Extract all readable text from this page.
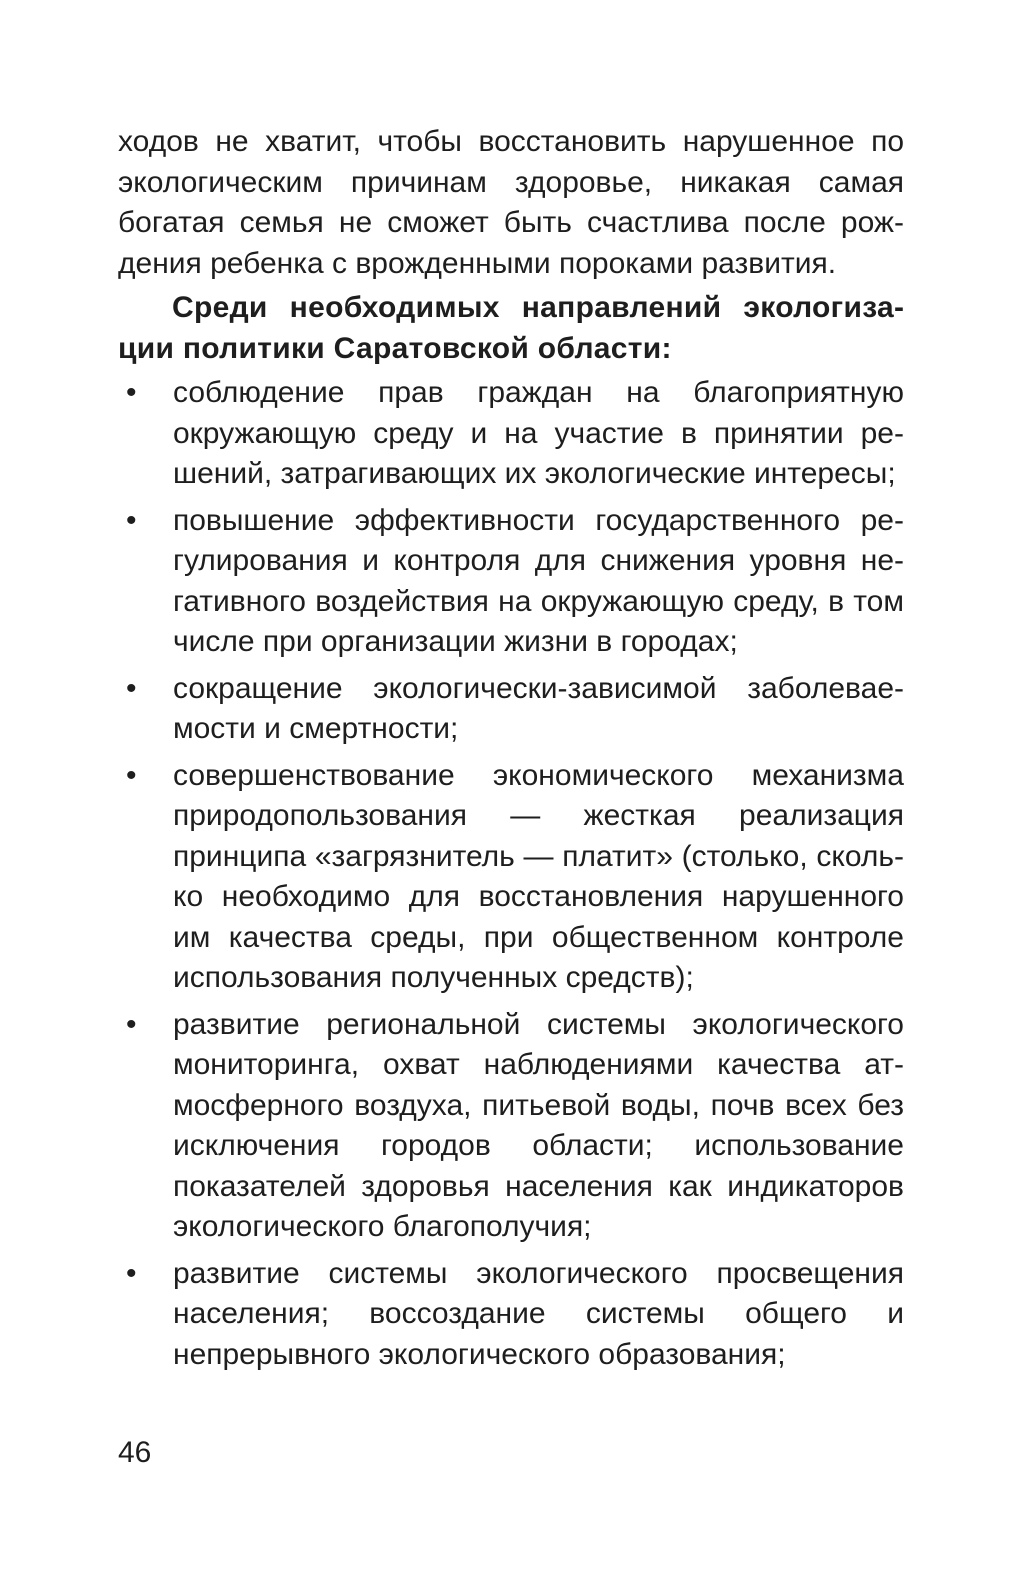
ходов не хватит, чтобы восстановить нарушенное по экологическим причинам здоровье, никакая самая богатая семья не сможет быть счастлива после рождения ребенка с врожденными пороками развития.

Среди необходимых направлений экологизации политики Саратовской области:

• соблюдение прав граждан на благоприятную окружающую среду и на участие в принятии решений, затрагивающих их экологические интересы;
• повышение эффективности государственного регулирования и контроля для снижения уровня негативного воздействия на окружающую среду, в том числе при организации жизни в городах;
• сокращение экологически-зависимой заболеваемости и смертности;
• совершенствование экономического механизма природопользования — жесткая реализация принципа «загрязнитель — платит» (столько, сколько необходимо для восстановления нарушенного им качества среды, при общественном контроле использования полученных средств);
• развитие региональной системы экологического мониторинга, охват наблюдениями качества атмосферного воздуха, питьевой воды, почв всех без исключения городов области; использование показателей здоровья населения как индикаторов экологического благополучия;
• развитие системы экологического просвещения населения; воссоздание системы общего и непрерывного экологического образования;
46
